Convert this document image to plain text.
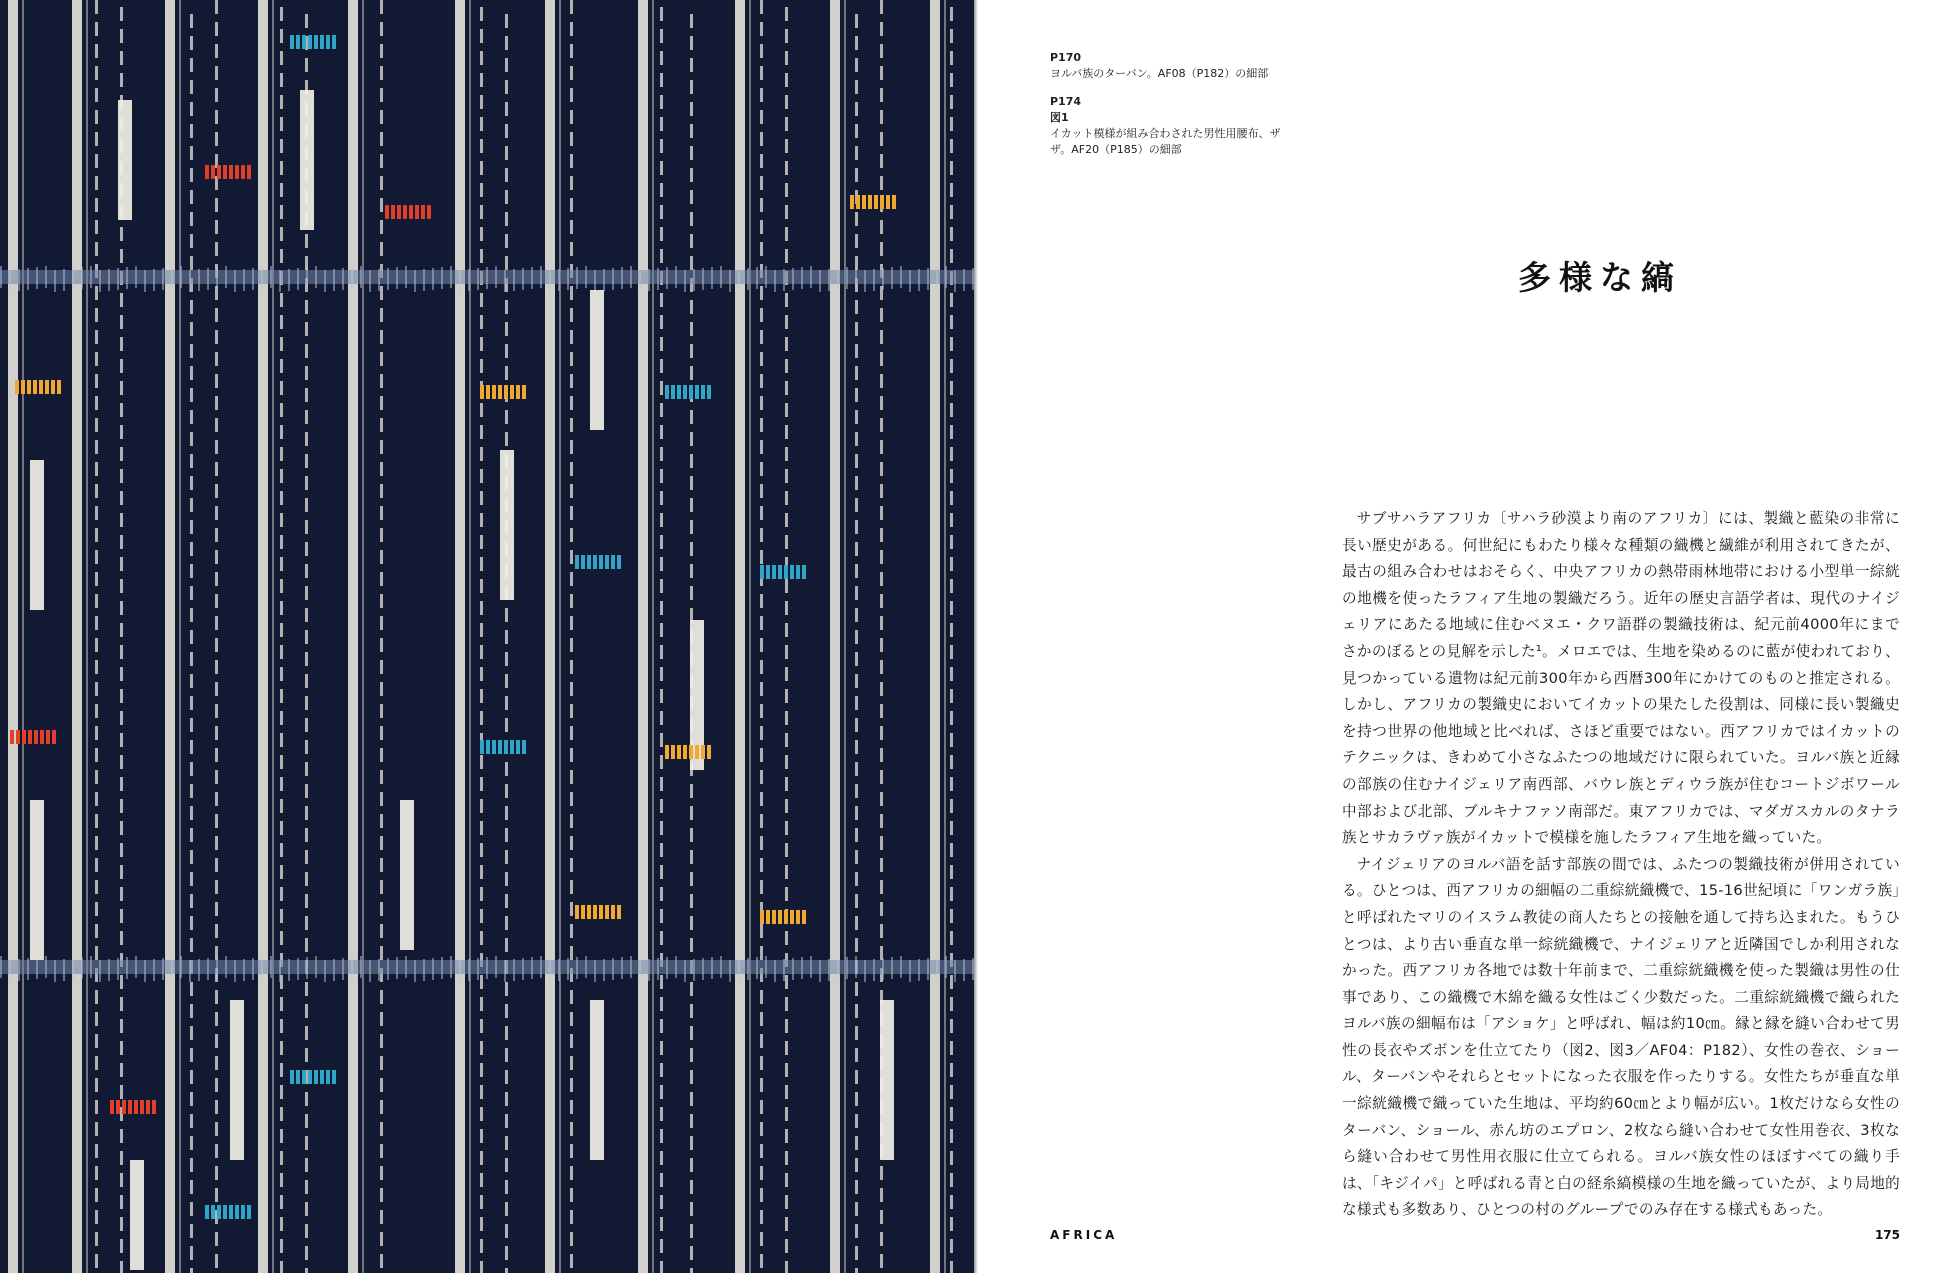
P170
ヨルバ族のターバン。AF08（P182）の細部
P174
図1
イカット模様が組み合わされた男性用腰布、ザザ。AF20（P185）の細部
多様な縞

サブサハラアフリカ〔サハラ砂漠より南のアフリカ〕には、製織と藍染の非常に長い歴史がある。何世紀にもわたり様々な種類の織機と繊維が利用されてきたが、最古の組み合わせはおそらく、中央アフリカの熱帯雨林地帯における小型単一綜絖の地機を使ったラフィア生地の製織だろう。近年の歴史言語学者は、現代のナイジェリアにあたる地域に住むベヌエ・クワ語群の製織技術は、紀元前4000年にまでさかのぼるとの見解を示した¹。メロエでは、生地を染めるのに藍が使われており、見つかっている遺物は紀元前300年から西暦300年にかけてのものと推定される。しかし、アフリカの製織史においてイカットの果たした役割は、同様に長い製織史を持つ世界の他地域と比べれば、さほど重要ではない。西アフリカではイカットのテクニックは、きわめて小さなふたつの地域だけに限られていた。ヨルバ族と近縁の部族の住むナイジェリア南西部、バウレ族とディウラ族が住むコートジボワール中部および北部、ブルキナファソ南部だ。東アフリカでは、マダガスカルのタナラ族とサカラヴァ族がイカットで模様を施したラフィア生地を織っていた。

ナイジェリアのヨルバ語を話す部族の間では、ふたつの製織技術が併用されている。ひとつは、西アフリカの細幅の二重綜絖織機で、15-16世紀頃に「ワンガラ族」と呼ばれたマリのイスラム教徒の商人たちとの接触を通して持ち込まれた。もうひとつは、より古い垂直な単一綜絖織機で、ナイジェリアと近隣国でしか利用されなかった。西アフリカ各地では数十年前まで、二重綜絖織機を使った製織は男性の仕事であり、この織機で木綿を織る女性はごく少数だった。二重綜絖織機で織られたヨルバ族の細幅布は「アショケ」と呼ばれ、幅は約10㎝。縁と縁を縫い合わせて男性の長衣やズボンを仕立てたり（図2、図3／AF04：P182）、女性の巻衣、ショール、ターバンやそれらとセットになった衣服を作ったりする。女性たちが垂直な単一綜絖織機で織っていた生地は、平均約60㎝とより幅が広い。1枚だけなら女性のターバン、ショール、赤ん坊のエプロン、2枚なら縫い合わせて女性用巻衣、3枚なら縫い合わせて男性用衣服に仕立てられる。ヨルバ族女性のほぼすべての織り手は、「キジイパ」と呼ばれる青と白の経糸縞模様の生地を織っていたが、より局地的な様式も多数あり、ひとつの村のグループでのみ存在する様式もあった。

AFRICA	175
